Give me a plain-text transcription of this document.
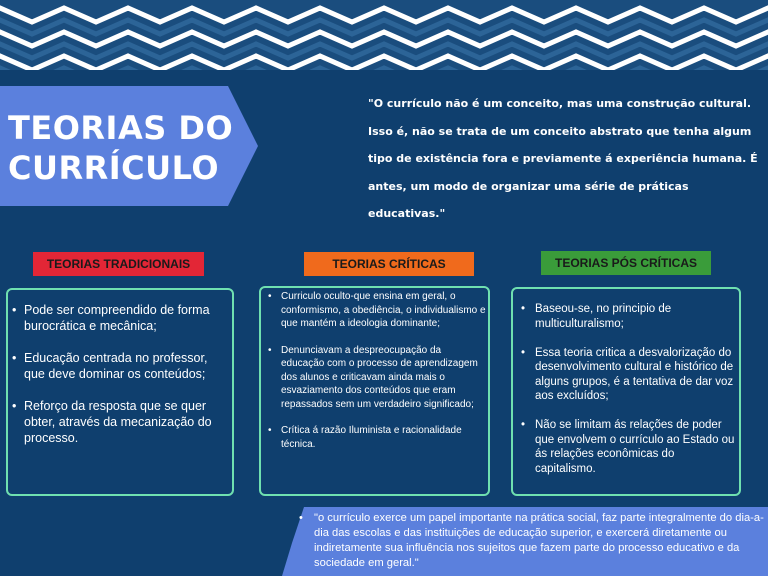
TEORIAS DO CURRÍCULO
"O currículo não é um conceito, mas uma construção cultural. Isso é, não se trata de um conceito abstrato que tenha algum tipo de existência fora e previamente á experiência humana. É antes, um modo de organizar uma série de práticas educativas."
TEORIAS TRADICIONAIS	TEORIAS CRÍTICAS	TEORIAS PÓS CRÍTICAS
• Pode ser compreendido de forma burocrática e mecânica;
• Educação centrada no professor, que deve dominar os conteúdos;
• Reforço da resposta que se quer obter, através da mecanização do processo.
• Curriculo oculto-que ensina em geral, o conformismo, a obediência, o individualismo e que mantém a ideologia dominante;
• Denunciavam a despreocupação da educação com o processo de aprendizagem dos alunos e criticavam ainda mais o esvaziamento dos conteúdos que eram repassados sem um verdadeiro significado;
• Crítica á razão Iluminista e racionalidade técnica.
• Baseou-se, no principio de multiculturalismo;
• Essa teoria critica a desvalorização do desenvolvimento cultural e histórico de alguns grupos, é a tentativa de dar voz aos excluídos;
• Não se limitam ás relações de poder que envolvem o currículo ao Estado ou ás relações econômicas do capitalismo.
• "o currículo exerce um papel importante na prática social, faz parte integralmente do dia-a-dia das escolas e das instituições de educação superior, e exercerá diretamente ou indiretamente sua influência nos sujeitos que fazem parte do processo educativo e da sociedade em geral."
